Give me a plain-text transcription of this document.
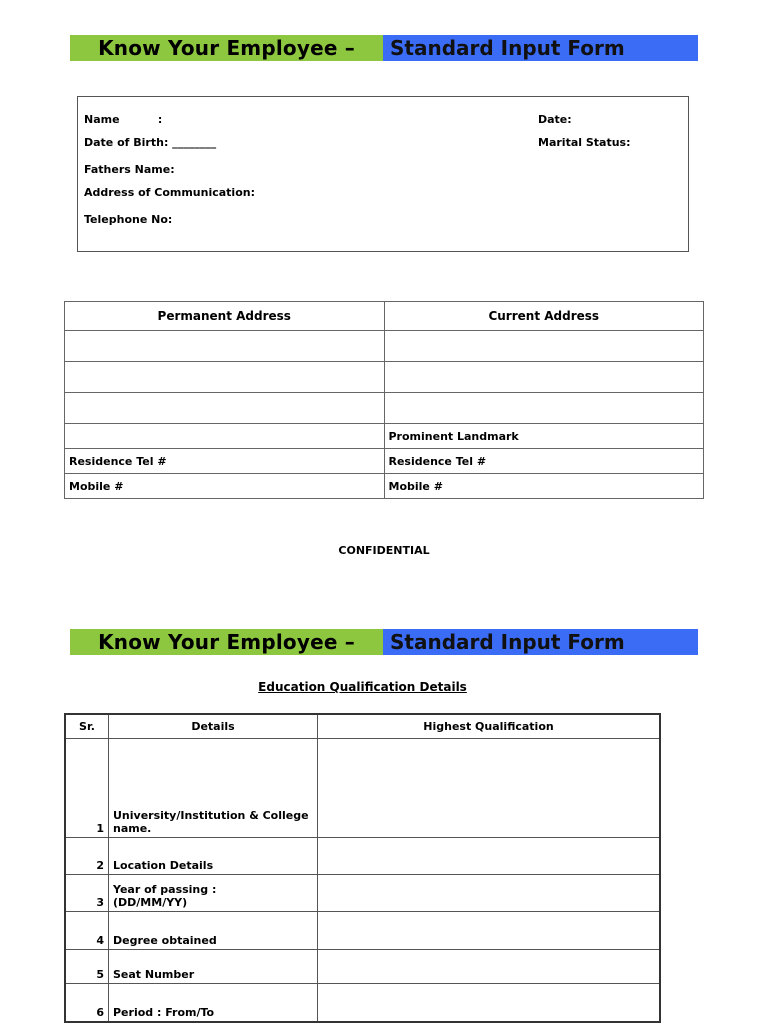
Know Your Employee –	Standard Input Form
Name          :
Date of Birth: ________
Fathers Name:
Address of Communication:
Telephone No:
Date:
Marital Status:
Permanent Address	Current Address

	Prominent Landmark
Residence Tel #	Residence Tel #
Mobile #	Mobile #
CONFIDENTIAL
Know Your Employee –	Standard Input Form
Education Qualification Details
Sr.	Details	Highest Qualification
1	University/Institution & College name.	
2	Location Details	
3	Year of passing :
(DD/MM/YY)	
4	Degree obtained	
5	Seat Number	
6	Period : From/To	
